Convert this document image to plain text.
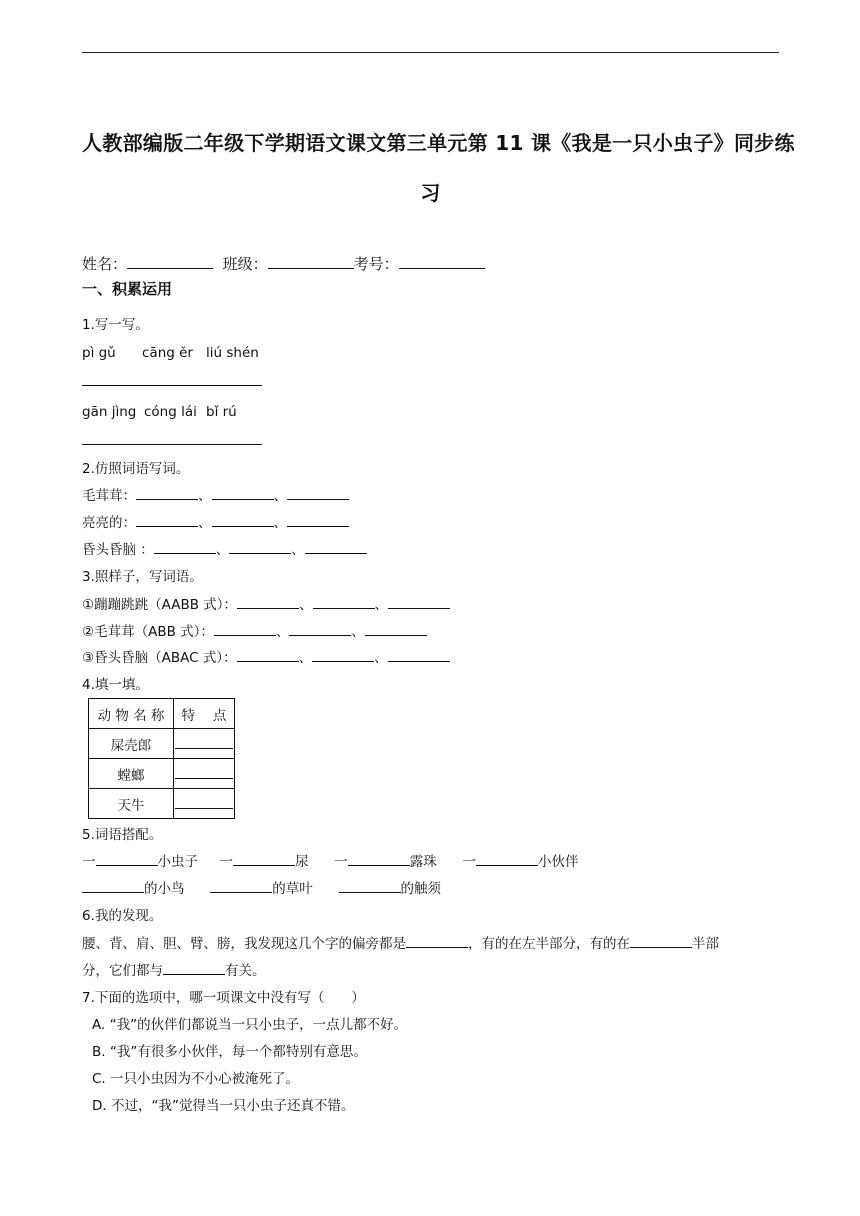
人教部编版二年级下学期语文课文第三单元第 11 课《我是一只小虫子》同步练
习
姓名：	班级：	考号：
一、积累运用
1.写一写。
pì gǔ cāng ěr liú shén
gān jìng cóng lái bǐ rú
2.仿照词语写词。
毛茸茸：	、	、
亮亮的：	、	、
昏头昏脑 ：	、	、
3.照样子，写词语。
①蹦蹦跳跳（AABB 式）：	、	、
②毛茸茸（ABB 式）：	、	、
③昏头昏脑（ABAC 式）：	、	、
4.填一填。
动 物 名 称	特　 点
屎壳郎	
螳螂	
天牛	
5.词语搭配。
一	小虫子 一	尿 一	露珠 一	小伙伴
的小鸟	的草叶	的触须
6.我的发现。
腰、背、肩、胆、臂、膀，我发现这几个字的偏旁都是	，有的在左半部分，有的在	半部
分，它们都与	有关。
7.下面的选项中，哪一项课文中没有写（　　）
A. “我”的伙伴们都说当一只小虫子，一点儿都不好。
B. “我”有很多小伙伴，每一个都特别有意思。
C. 一只小虫因为不小心被淹死了。
D. 不过，“我”觉得当一只小虫子还真不错。
